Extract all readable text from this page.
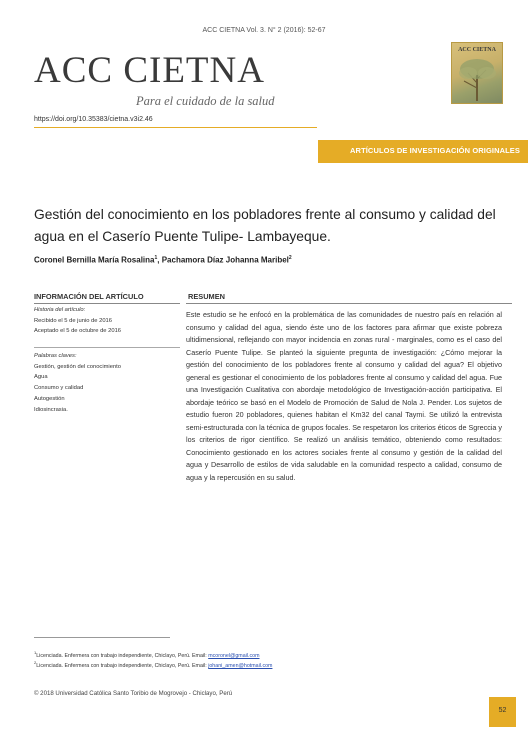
ACC CIETNA Vol. 3. N° 2 (2016): 52-67
ACC CIETNA
Para el cuidado de la salud
ACC CIETNA
https://doi.org/10.35383/cietna.v3i2.46
ARTÍCULOS DE INVESTIGACIÓN ORIGINALES
Gestión del conocimiento en los pobladores frente al consumo y calidad del agua en el Caserío Puente Tulipe- Lambayeque.
Coronel Bernilla María Rosalina$^1$, Pachamora Díaz Johanna Maribel$^2$
INFORMACIÓN DEL ARTÍCULO	RESUMEN
Historia del artículo:
Recibido el 5 de junio de 2016
Aceptado el 5 de octubre de 2016
Palabras claves:
Gestión, gestión del conocimiento
Agua
Consumo y calidad
Autogestión
Idiosincrasia.
Este estudio se he enfocó en la problemática de las comunidades de nuestro país en relación al consumo y calidad del agua, siendo éste uno de los factores para afirmar que existe pobreza ultidimensional, reflejando con mayor incidencia en zonas rural - marginales, como es el caso del Caserío Puente Tulipe. Se planteó la siguiente pregunta de investigación: ¿Cómo mejorar la gestión del conocimiento de los pobladores frente al consumo y calidad del agua? El objetivo general es gestionar el conocimiento de los pobladores frente al consumo y calidad del agua. Fue una Investigación Cualitativa con abordaje metodológico de Investigación-acción participativa. El abordaje teórico se basó en el Modelo de Promoción de Salud de Nola J. Pender. Los sujetos de estudio fueron 20 pobladores, quienes habitan el Km32 del canal Taymi. Se utilizó la entrevista semi-estructurada con la técnica de grupos focales. Se respetaron los criterios éticos de Sgreccia y los criterios de rigor científico. Se realizó un análisis temático, obteniendo como resultados: Conocimiento gestionado en los actores sociales frente al consumo y gestión de la calidad del agua y Desarrollo de estilos de vida saludable en la comunidad respecto a calidad, consumo de agua y la repercusión en su salud.
$^1$Licenciada. Enfermera con trabajo independiente, Chiclayo, Perú. Email: mcoronel@gmail.com
$^2$Licenciada. Enfermera con trabajo independiente, Chiclayo, Perú. Email: johani_amen@hotmail.com
© 2018 Universidad Católica Santo Toribio de Mogrovejo - Chiclayo, Perú
52
